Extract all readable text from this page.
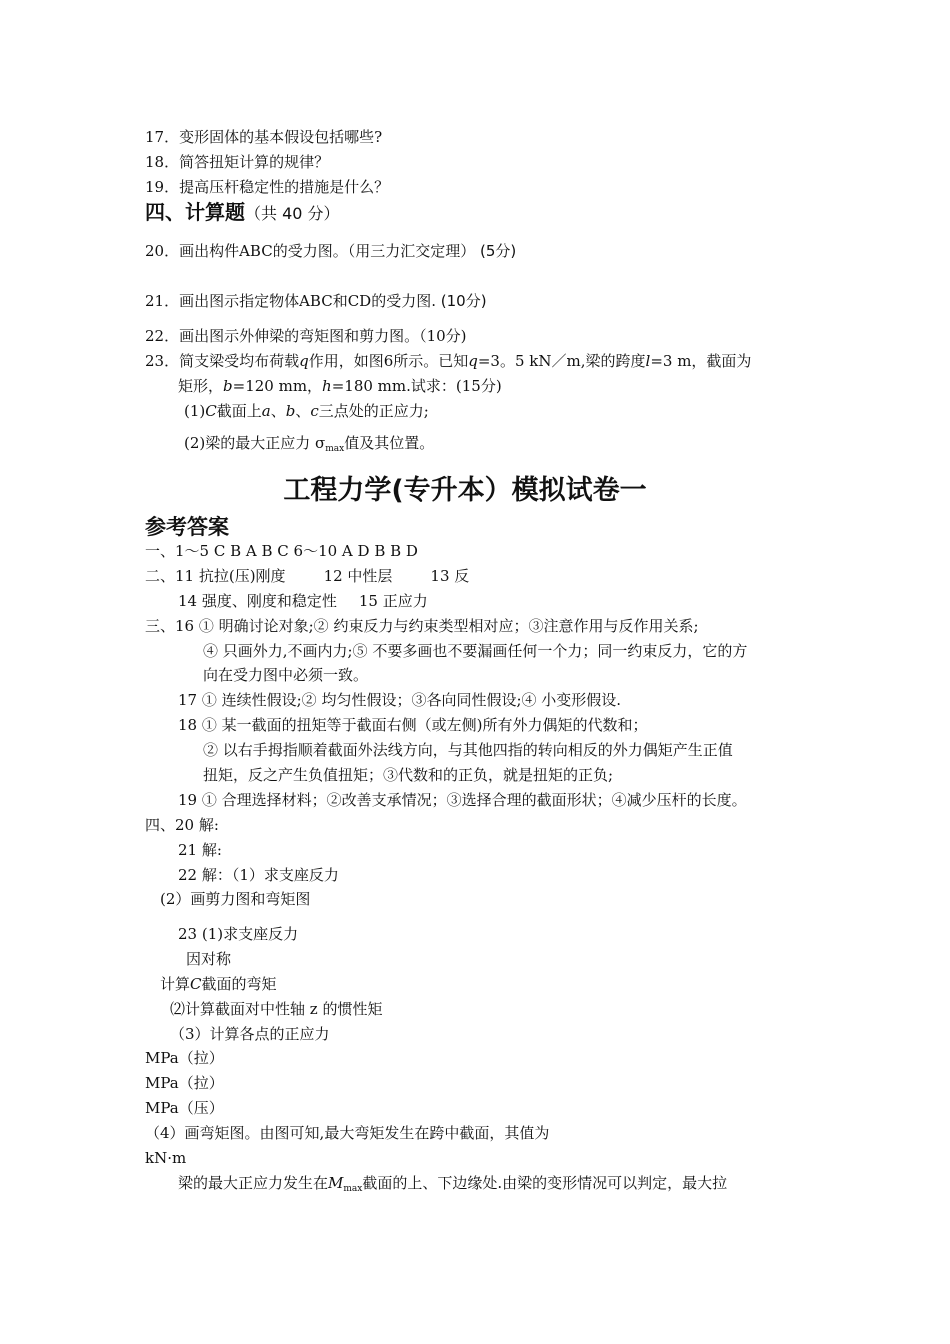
17．变形固体的基本假设包括哪些?
18．简答扭矩计算的规律？
19．提高压杆稳定性的措施是什么？
四、计算题（共 40 分）
20．画出构件ABC的受力图。（用三力汇交定理） (5分)
21．画出图示指定物体ABC和CD的受力图. (10分)
22．画出图示外伸梁的弯矩图和剪力图。（10分)
23．简支梁受均布荷载q作用，如图6所示。已知q=3。5 kN／m,梁的跨度l=3 m，截面为
矩形，b=120 mm，h=180 mm.试求：(15分)
(1)C截面上a、b、c三点处的正应力;
(2)梁的最大正应力 $\sigma_{max}$值及其位置。
工程力学(专升本）模拟试卷一
参考答案
一、1～5 C B A B C 6～10 A D B B D
二、11 抗拉(压)刚度	12 中性层	13 反
14 强度、刚度和稳定性 15 正应力
三、16 ① 明确讨论对象;② 约束反力与约束类型相对应；③注意作用与反作用关系;
④ 只画外力,不画内力;⑤ 不要多画也不要漏画任何一个力；同一约束反力，它的方
向在受力图中必须一致。
17 ① 连续性假设;② 均匀性假设；③各向同性假设;④ 小变形假设.
18 ① 某一截面的扭矩等于截面右侧（或左侧)所有外力偶矩的代数和；
② 以右手拇指顺着截面外法线方向，与其他四指的转向相反的外力偶矩产生正值
扭矩，反之产生负值扭矩；③代数和的正负，就是扭矩的正负;
19 ① 合理选择材料；②改善支承情况；③选择合理的截面形状；④减少压杆的长度。
四、20 解:
21 解:
22 解：（1）求支座反力
(2）画剪力图和弯矩图
23 (1)求支座反力
因对称
计算C截面的弯矩
⑵计算截面对中性轴 z 的惯性矩
（3）计算各点的正应力
MPa（拉）
MPa（拉）
MPa（压）
（4）画弯矩图。由图可知,最大弯矩发生在跨中截面，其值为
kN·m
梁的最大正应力发生在$M_{max}$截面的上、下边缘处.由梁的变形情况可以判定，最大拉
